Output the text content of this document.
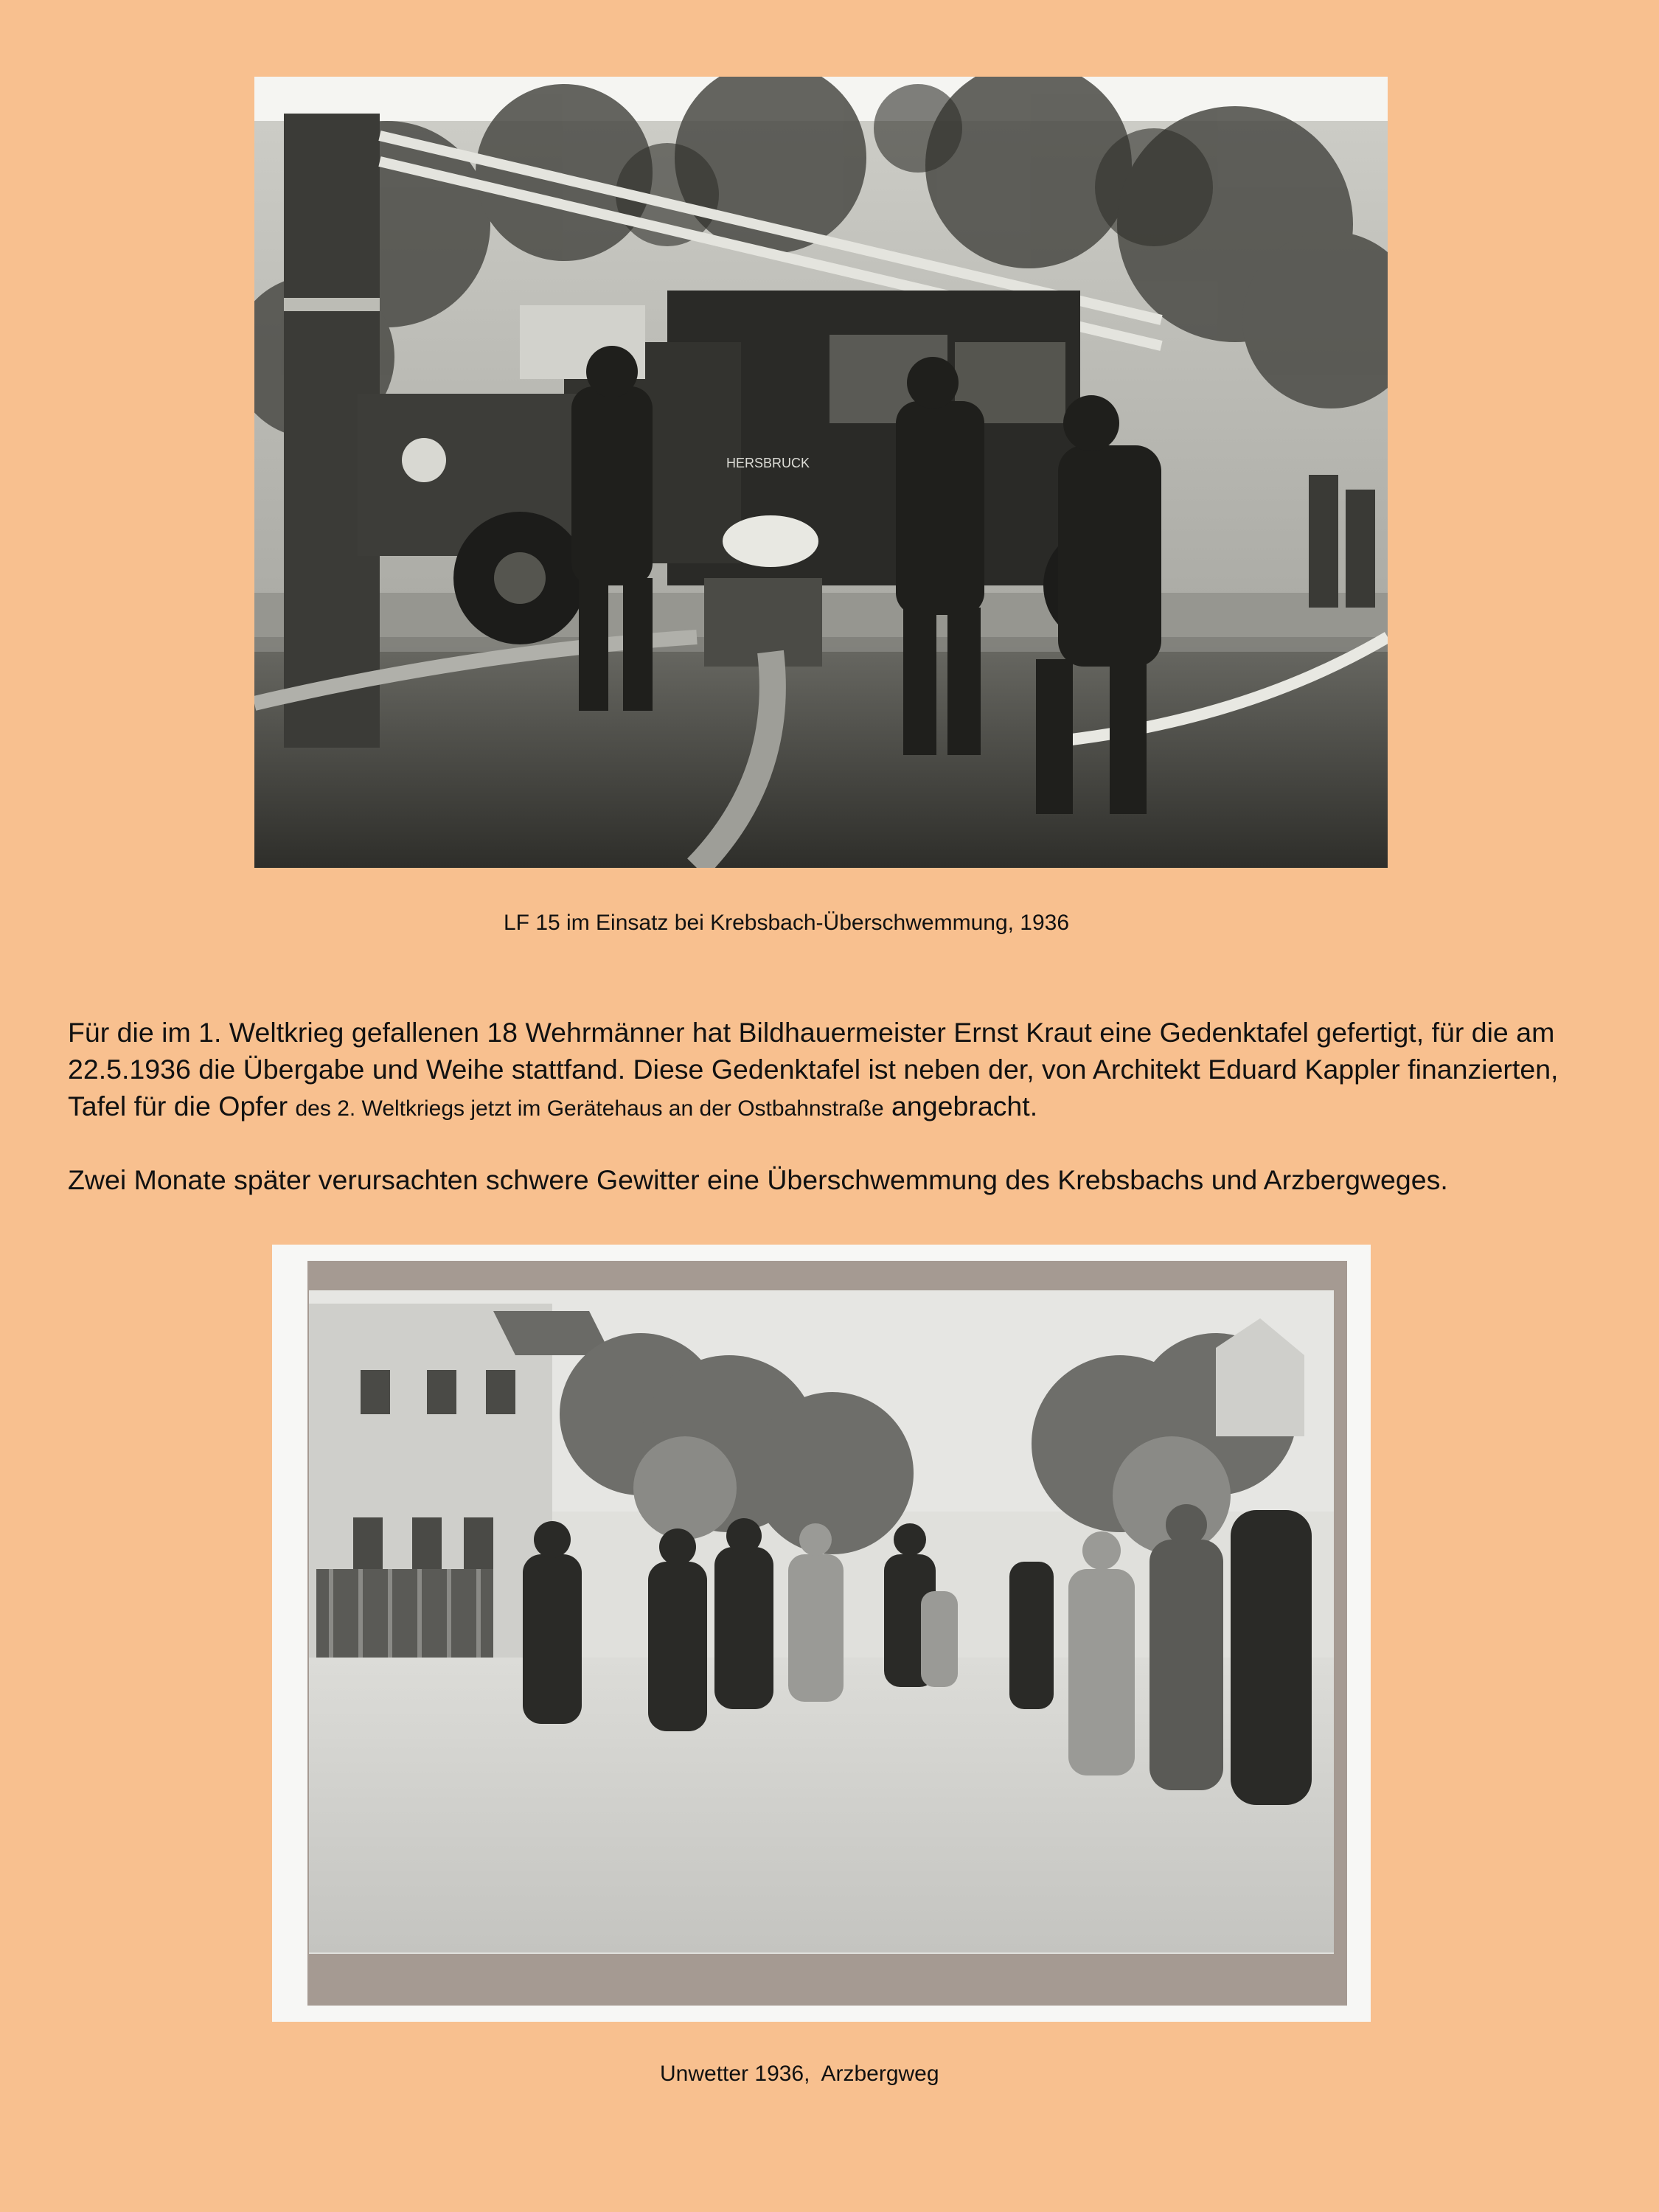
HERSBRUCK
LF 15 im Einsatz bei Krebsbach-Überschwemmung, 1936

Für die im 1. Weltkrieg gefallenen 18 Wehrmänner hat Bildhauermeister Ernst Kraut eine Gedenktafel gefertigt, für die am 22.5.1936 die Übergabe und Weihe stattfand. Diese Gedenktafel ist neben der, von Architekt Eduard Kappler finanzierten, Tafel für die Opfer des 2. Weltkriegs jetzt im Gerätehaus an der Ostbahnstraße angebracht.

Zwei Monate später verursachten schwere Gewitter eine Überschwemmung des Krebsbachs und Arzbergweges.

Unwetter 1936,  Arzbergweg
